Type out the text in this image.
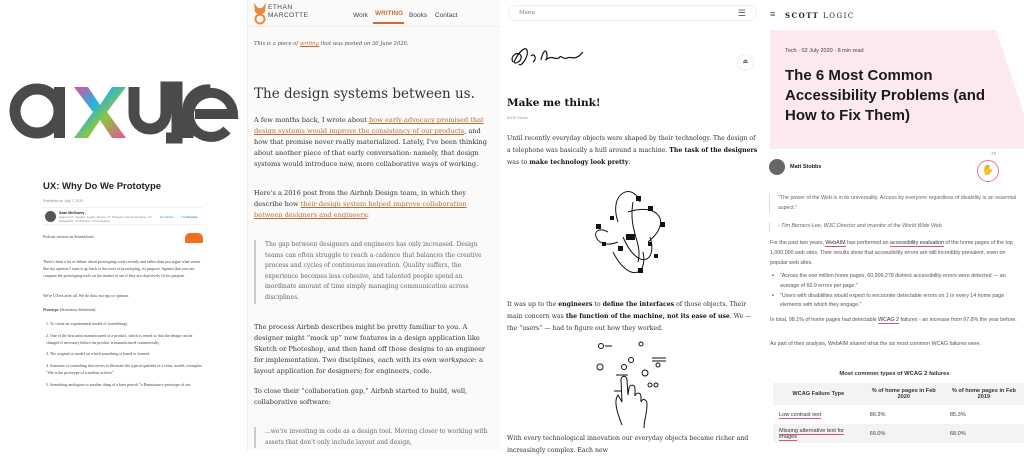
UX: Why Do We Prototype
Published on July 7, 2020
Sean McSharry
Head of UX, Speaker, Leader, Mentor, UX Strategist, Service Designer, UX Researcher, UX Architect, UX Consultant
16 articles ✓ Following
Podcast version on Soundcloud :
There's been a lot of debate about prototyping tools recently and rather than just argue what seems like my opinion I want to go back to the roots of prototyping, its purpose. Against that you can compare the prototyping tools on the market to see if they are objectively fit for purpose.
We're UXers after all. We do data, not ego or opinion.
Prototype (dictionary definition):
1. To create an experimental model of (something).
2. One of the first units manufactured of a product, which is tested so that the design can be changed if necessary before the product is manufactured commercially
3. The original or model on which something is based or formed.
4. Someone or something that serves to illustrate the typical qualities of a class; model; exemplar: "She is the prototype of a student activist"
5. Something analogous to another thing of a later period: "a Renaissance prototype of our
ETHAN MARCOTTE	Work WRITING Books Contact
This is a piece of writing that was posted on 30 June 2020.
The design systems between us.

A few months back, I wrote about how early advocacy promised that design systems would improve the consistency of our products, and how that promise never really materialized. Lately, I've been thinking about another piece of that early conversation: namely, that design systems would introduce new, more collaborative ways of working.

Here's a 2016 post from the Airbnb Design team, in which they describe how their design system helped improve collaboration between designers and engineers:

The gap between designers and engineers has only increased. Design teams can often struggle to reach a cadence that balances the creative process and cycles of continuous innovation. Quality suffers, the experience becomes less cohesive, and talented people spend an inordinate amount of time simply managing communication across disciplines.

The process Airbnb describes might be pretty familiar to you. A designer might “mock up” new features in a design application like Sketch or Photoshop, and then hand off those designs to an engineer for implementation. Two disciplines, each with its own workspace: a layout application for designers; for engineers, code.

To close their “collaboration gap,” Airbnb started to build, well, collaborative software:

...we're investing in code as a design tool. Moving closer to working with assets that don't only include layout and design,
Menu	☰
⏏
Make me think!
6009 Views

Until recently everyday objects were shaped by their technology. The design of a telephone was basically a hull around a machine. The task of the designers was to make technology look pretty.

It was up to the engineers to define the interfaces of those objects. Their main concern was the function of the machine, not its ease of use. We — the “users” — had to figure out how they worked.

With every technological innovation our everyday objects became richer and increasingly complex. Each new

≡ SCOTT LOGIC
Tech · 02 July 2020 · 8 min read
The 6 Most Common Accessibility Problems (and How to Fix Them)
Matt Stobbs
78
✋
"The power of the Web is in its universality. Access by everyone regardless of disability is an essential aspect."
- Tim Berners-Lee, W3C Director and inventor of the World Wide Web

For the past two years, WebAIM has performed an accessibility evaluation of the home pages of the top 1,000,000 web sites. Their results show that accessibility errors are still incredibly prevalent, even on popular web sites.

• "Across the one million home pages, 60,909,278 distinct accessibility errors were detected — an average of 60.9 errors per page."
• "Users with disabilities would expect to encounter detectable errors on 1 in every 14 home page elements with which they engage."

In total, 98.1% of home pages had detectable WCAG 2 failures - an increase from 97.8% the year before.

As part of their analysis, WebAIM shared what the six most common WCAG failures were.

Most common types of WCAG 2 failures
WCAG Failure Type	% of home pages in Feb 2020	% of home pages in Feb 2019
Low contrast text	86.3%	85.3%
Missing alternative text for images	66.0%	68.0%
